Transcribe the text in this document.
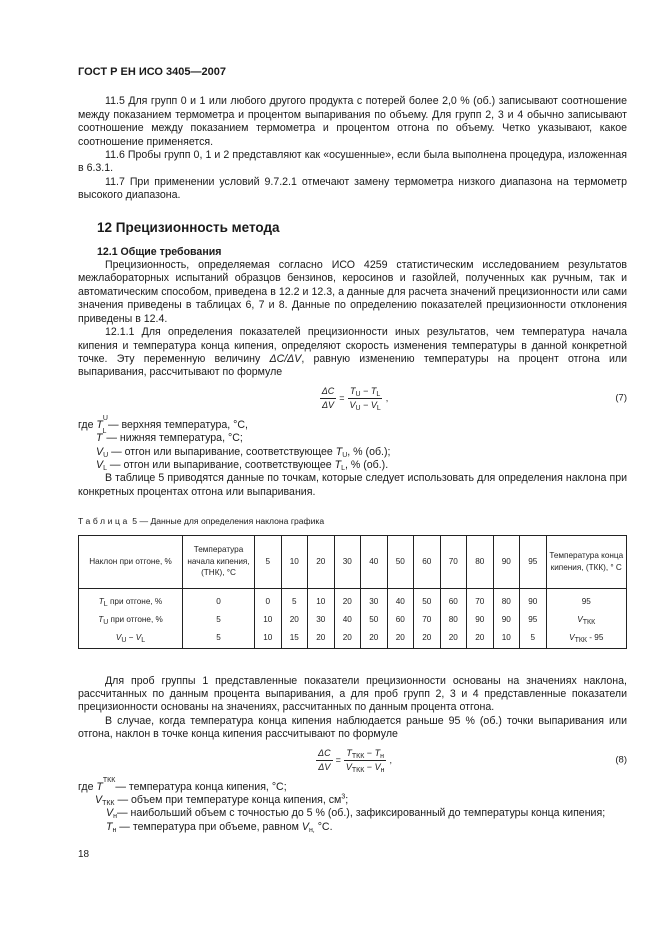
ГОСТ Р ЕН ИСО 3405—2007

11.5 Для групп 0 и 1 или любого другого продукта с потерей более 2,0 % (об.) записывают соотношение между показанием термометра и процентом выпаривания по объему. Для групп 2, 3 и 4 обычно записывают соотношение между показанием термометра и процентом отгона по объему. Четко указывают, какое соотношение применяется.

11.6 Пробы групп 0, 1 и 2 представляют как «осушенные», если была выполнена процедура, изложенная в 6.3.1.

11.7 При применении условий 9.7.2.1 отмечают замену термометра низкого диапазона на термометр высокого диапазона.

12 Прецизионность метода
12.1 Общие требования

Прецизионность, определяемая согласно ИСО 4259 статистическим исследованием результатов межлабораторных испытаний образцов бензинов, керосинов и газойлей, полученных как ручным, так и автоматическим способом, приведена в 12.2 и 12.3, а данные для расчета значений прецизионности или сами значения приведены в таблицах 6, 7 и 8. Данные по определению показателей прецизионности отклонения приведены в 12.4.

12.1.1 Для определения показателей прецизионности иных результатов, чем температура начала кипения и температура конца кипения, определяют скорость изменения температуры в данной конкретной точке. Эту переменную величину ΔC/ΔV, равную изменению температуры на процент отгона или выпаривания, рассчитывают по формуле

$\frac{\Delta C}{\Delta V} = \frac{T_U - T_L}{V_U - V_L}$ ,	(7)
где
T
U
— верхняя температура, °С,
T
L
— нижняя температура, °С;
$V_U$ — отгон или выпаривание, соответствующее $T_U$, % (об.);
$V_L$ — отгон или выпаривание, соответствующее $T_L$, % (об.).

В таблице 5 приводятся данные по точкам, которые следует использовать для определения наклона при конкретных процентах отгона или выпаривания.

Таблица 5 — Данные для определения наклона графика
Наклон при отгоне, %	Температура начала кипения, (ТНК), °С	5	10	20	30	40	50	60	70	80	90	95	Температура конца кипения, (ТКК), ° С
$T_L$ при отгоне, %	0	0	5	10	20	30	40	50	60	70	80	90	95
$T_U$ при отгоне, %	5	10	20	30	40	50	60	70	80	90	90	95	$V_{ТКК}$
$V_U - V_L$	5	10	15	20	20	20	20	20	20	20	10	5	$V_{ТКК} - 95$

Для проб группы 1 представленные показатели прецизионности основаны на значениях наклона, рассчитанных по данным процента выпаривания, а для проб групп 2, 3 и 4 представленные показатели прецизионности основаны на значениях, рассчитанных по данным процента отгона.

В случае, когда температура конца кипения наблюдается раньше 95 % (об.) точки выпаривания или отгона, наклон в точке конца кипения рассчитывают по формуле

$\frac{\Delta C}{\Delta V} = \frac{T_{ТКК} - T_н}{V_{ТКК} - V_н}$ ,	(8)
где
T
ТКК
— температура конца кипения, °С;
$V_{ТКК}$ — объем при температуре конца кипения, $см^3$;
$V_н$ — наибольший объем с точностью до 5 % (об.), зафиксированный до температуры конца кипения;
$T_н$ — температура при объеме, равном $V_{н,}$ °С.
18
